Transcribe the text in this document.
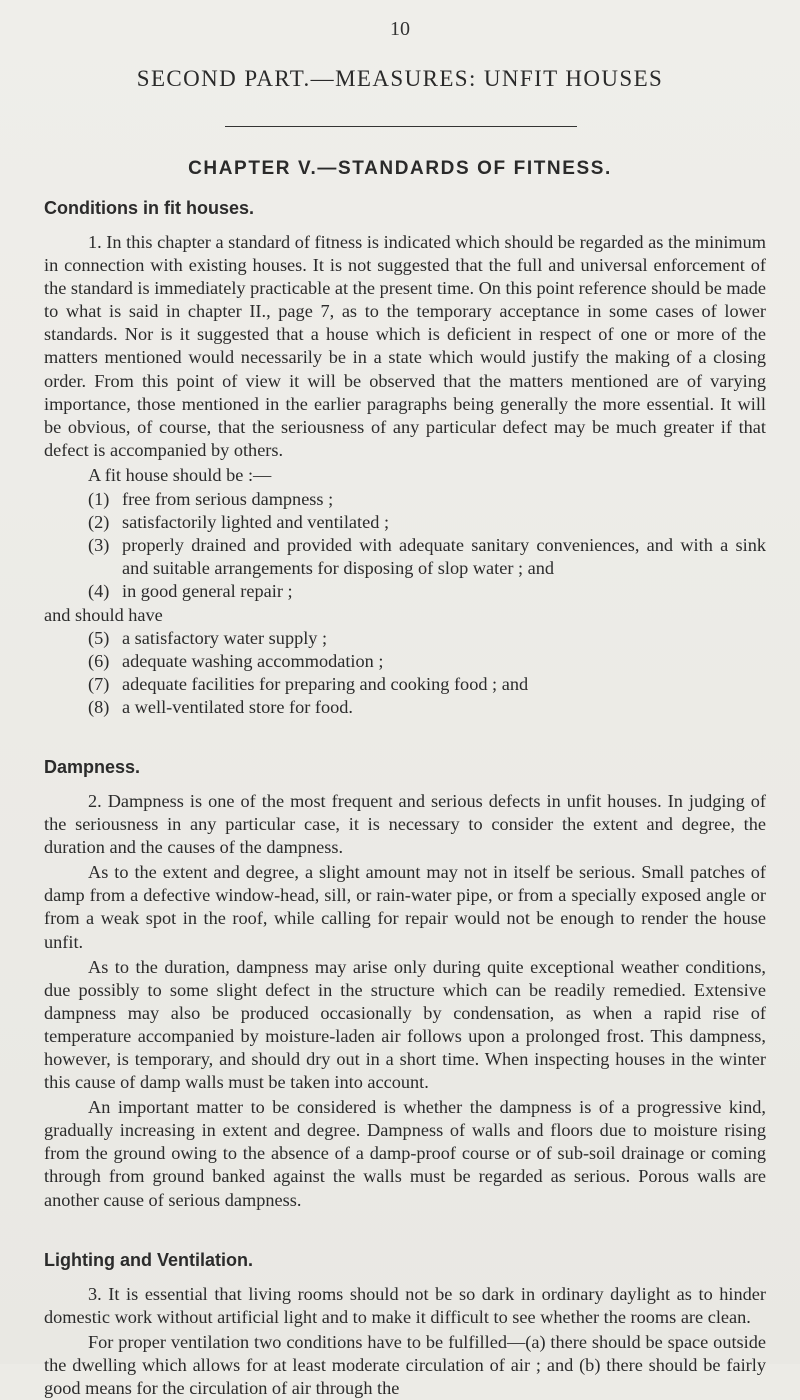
10
SECOND PART.—MEASURES: UNFIT HOUSES
CHAPTER V.—STANDARDS OF FITNESS.
Conditions in fit houses.

1. In this chapter a standard of fitness is indicated which should be regarded as the minimum in connection with existing houses. It is not suggested that the full and universal enforcement of the standard is immediately practicable at the present time. On this point reference should be made to what is said in chapter II., page 7, as to the temporary acceptance in some cases of lower standards. Nor is it suggested that a house which is deficient in respect of one or more of the matters mentioned would necessarily be in a state which would justify the making of a closing order. From this point of view it will be observed that the matters mentioned are of varying importance, those mentioned in the earlier paragraphs being generally the more essential. It will be obvious, of course, that the seriousness of any particular defect may be much greater if that defect is accompanied by others.

A fit house should be :—

(1) free from serious dampness ;
(2) satisfactorily lighted and ventilated ;
(3) properly drained and provided with adequate sanitary conveniences, and with a sink and suitable arrangements for disposing of slop water ; and
(4) in good general repair ;

and should have

(5) a satisfactory water supply ;
(6) adequate washing accommodation ;
(7) adequate facilities for preparing and cooking food ; and
(8) a well-ventilated store for food.
Dampness.

2. Dampness is one of the most frequent and serious defects in unfit houses. In judging of the seriousness in any particular case, it is necessary to consider the extent and degree, the duration and the causes of the dampness.

As to the extent and degree, a slight amount may not in itself be serious. Small patches of damp from a defective window-head, sill, or rain-water pipe, or from a specially exposed angle or from a weak spot in the roof, while calling for repair would not be enough to render the house unfit.

As to the duration, dampness may arise only during quite exceptional weather conditions, due possibly to some slight defect in the structure which can be readily remedied. Extensive dampness may also be produced occasionally by condensation, as when a rapid rise of temperature accompanied by moisture-laden air follows upon a prolonged frost. This dampness, however, is temporary, and should dry out in a short time. When inspecting houses in the winter this cause of damp walls must be taken into account.

An important matter to be considered is whether the dampness is of a progressive kind, gradually increasing in extent and degree. Dampness of walls and floors due to moisture rising from the ground owing to the absence of a damp-proof course or of sub-soil drainage or coming through from ground banked against the walls must be regarded as serious. Porous walls are another cause of serious dampness.

Lighting and Ventilation.

3. It is essential that living rooms should not be so dark in ordinary daylight as to hinder domestic work without artificial light and to make it difficult to see whether the rooms are clean.

For proper ventilation two conditions have to be fulfilled—(a) there should be space outside the dwelling which allows for at least moderate circulation of air ; and (b) there should be fairly good means for the circulation of air through the
